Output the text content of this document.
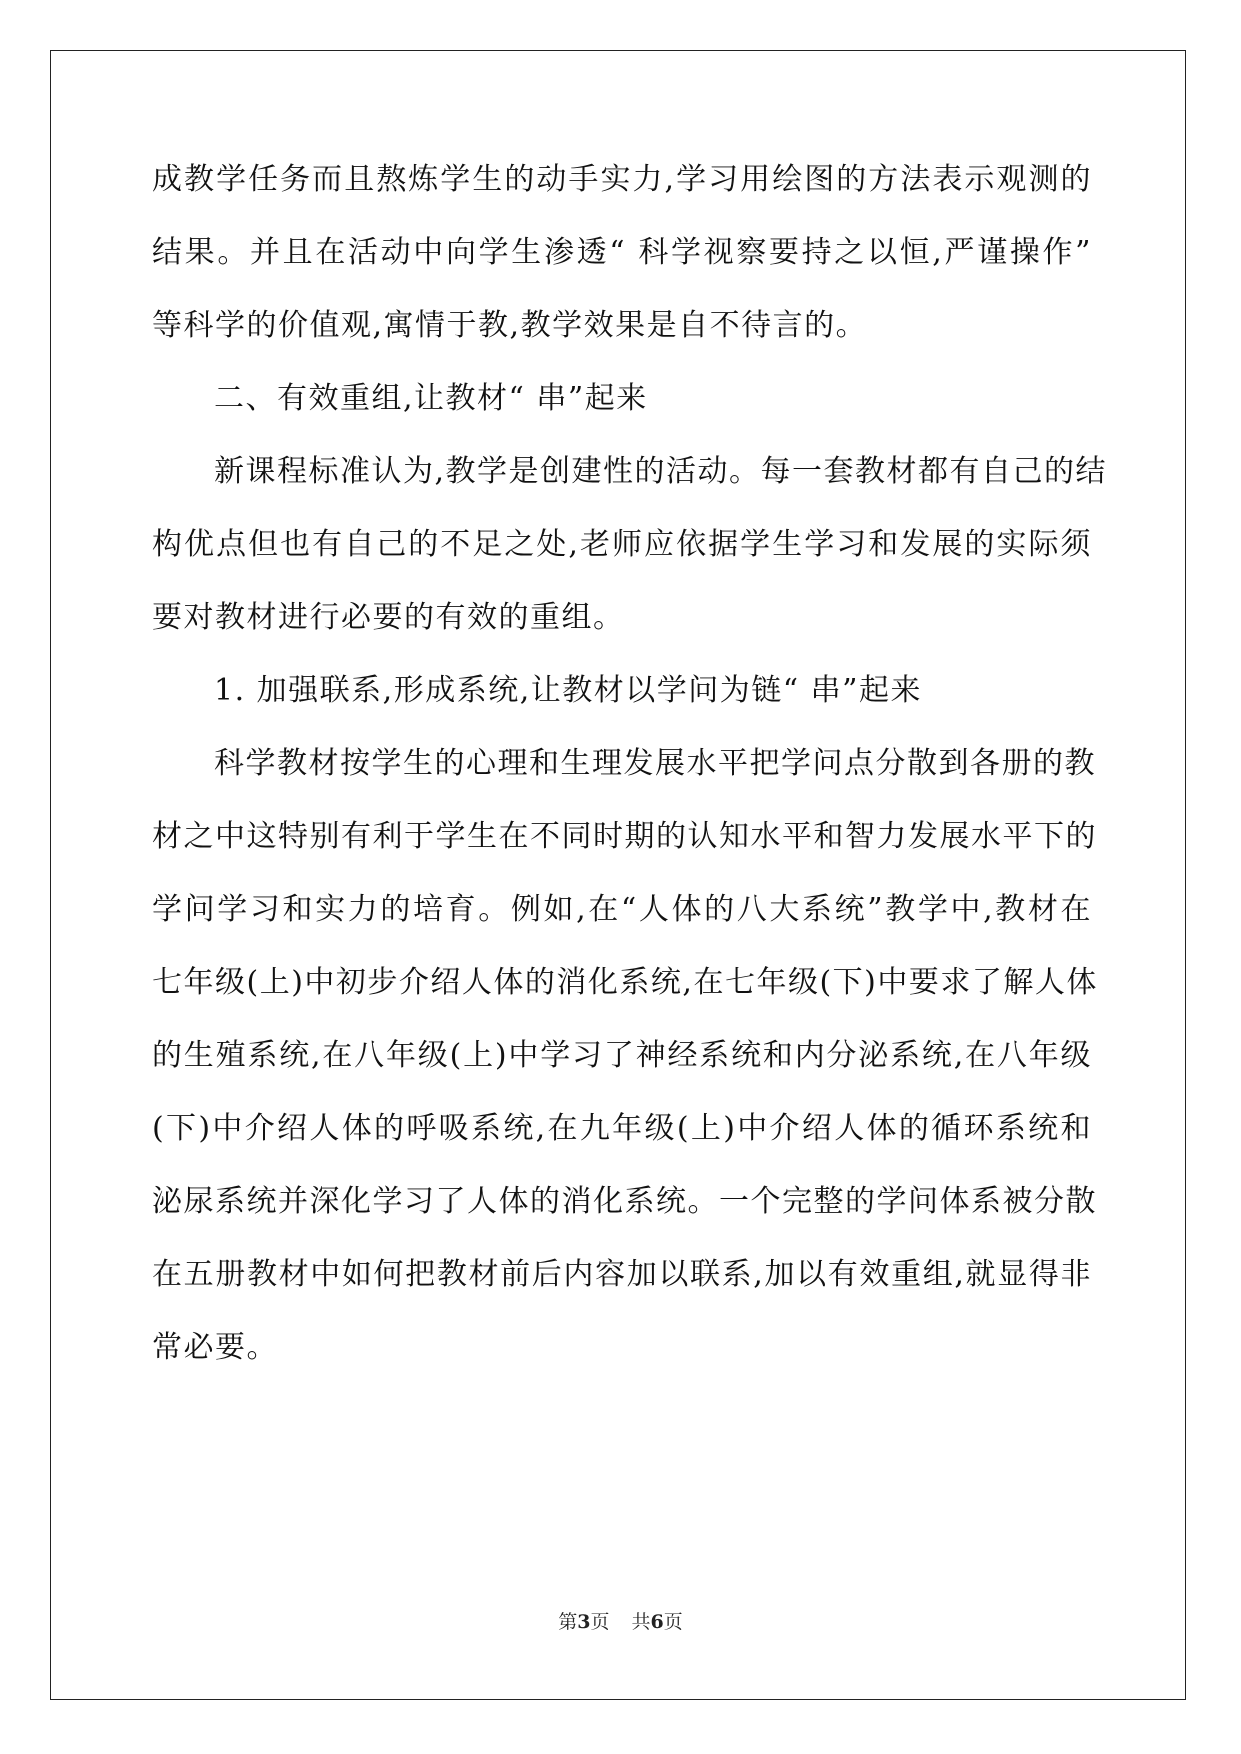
成教学任务而且熬炼学生的动手实力,学习用绘图的方法表示观测的
结果。并且在活动中向学生渗透“ 科学视察要持之以恒,严谨操作”
等科学的价值观,寓情于教,教学效果是自不待言的。
二、有效重组,让教材“ 串”起来
新课程标准认为,教学是创建性的活动。每一套教材都有自己的结
构优点但也有自己的不足之处,老师应依据学生学习和发展的实际须
要对教材进行必要的有效的重组。
1. 加强联系,形成系统,让教材以学问为链“ 串”起来
科学教材按学生的心理和生理发展水平把学问点分散到各册的教
材之中这特别有利于学生在不同时期的认知水平和智力发展水平下的
学问学习和实力的培育。例如,在“人体的八大系统”教学中,教材在
七年级(上)中初步介绍人体的消化系统,在七年级(下)中要求了解人体
的生殖系统,在八年级(上)中学习了神经系统和内分泌系统,在八年级
(下)中介绍人体的呼吸系统,在九年级(上)中介绍人体的循环系统和
泌尿系统并深化学习了人体的消化系统。一个完整的学问体系被分散
在五册教材中如何把教材前后内容加以联系,加以有效重组,就显得非
常必要。
第3页 共6页
